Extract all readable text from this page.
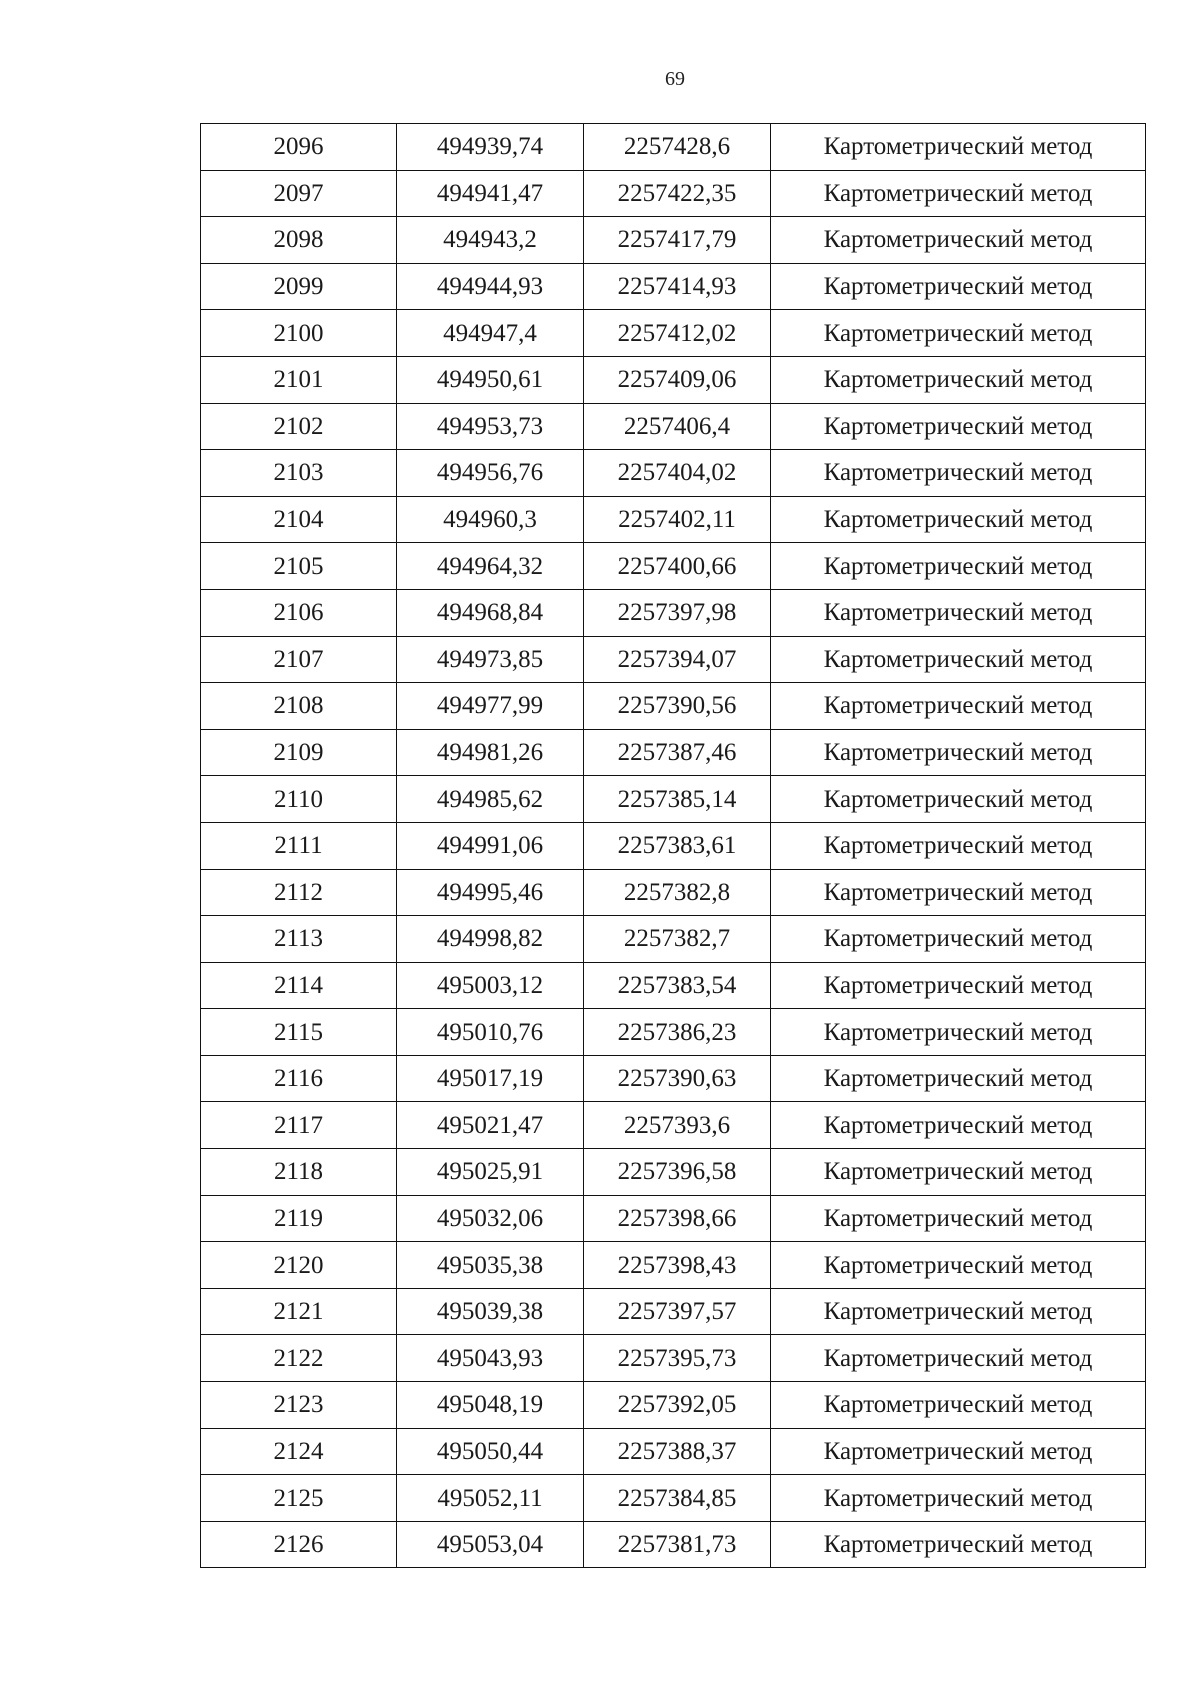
69
2096	494939,74	2257428,6	Картометрический метод
2097	494941,47	2257422,35	Картометрический метод
2098	494943,2	2257417,79	Картометрический метод
2099	494944,93	2257414,93	Картометрический метод
2100	494947,4	2257412,02	Картометрический метод
2101	494950,61	2257409,06	Картометрический метод
2102	494953,73	2257406,4	Картометрический метод
2103	494956,76	2257404,02	Картометрический метод
2104	494960,3	2257402,11	Картометрический метод
2105	494964,32	2257400,66	Картометрический метод
2106	494968,84	2257397,98	Картометрический метод
2107	494973,85	2257394,07	Картометрический метод
2108	494977,99	2257390,56	Картометрический метод
2109	494981,26	2257387,46	Картометрический метод
2110	494985,62	2257385,14	Картометрический метод
2111	494991,06	2257383,61	Картометрический метод
2112	494995,46	2257382,8	Картометрический метод
2113	494998,82	2257382,7	Картометрический метод
2114	495003,12	2257383,54	Картометрический метод
2115	495010,76	2257386,23	Картометрический метод
2116	495017,19	2257390,63	Картометрический метод
2117	495021,47	2257393,6	Картометрический метод
2118	495025,91	2257396,58	Картометрический метод
2119	495032,06	2257398,66	Картометрический метод
2120	495035,38	2257398,43	Картометрический метод
2121	495039,38	2257397,57	Картометрический метод
2122	495043,93	2257395,73	Картометрический метод
2123	495048,19	2257392,05	Картометрический метод
2124	495050,44	2257388,37	Картометрический метод
2125	495052,11	2257384,85	Картометрический метод
2126	495053,04	2257381,73	Картометрический метод
